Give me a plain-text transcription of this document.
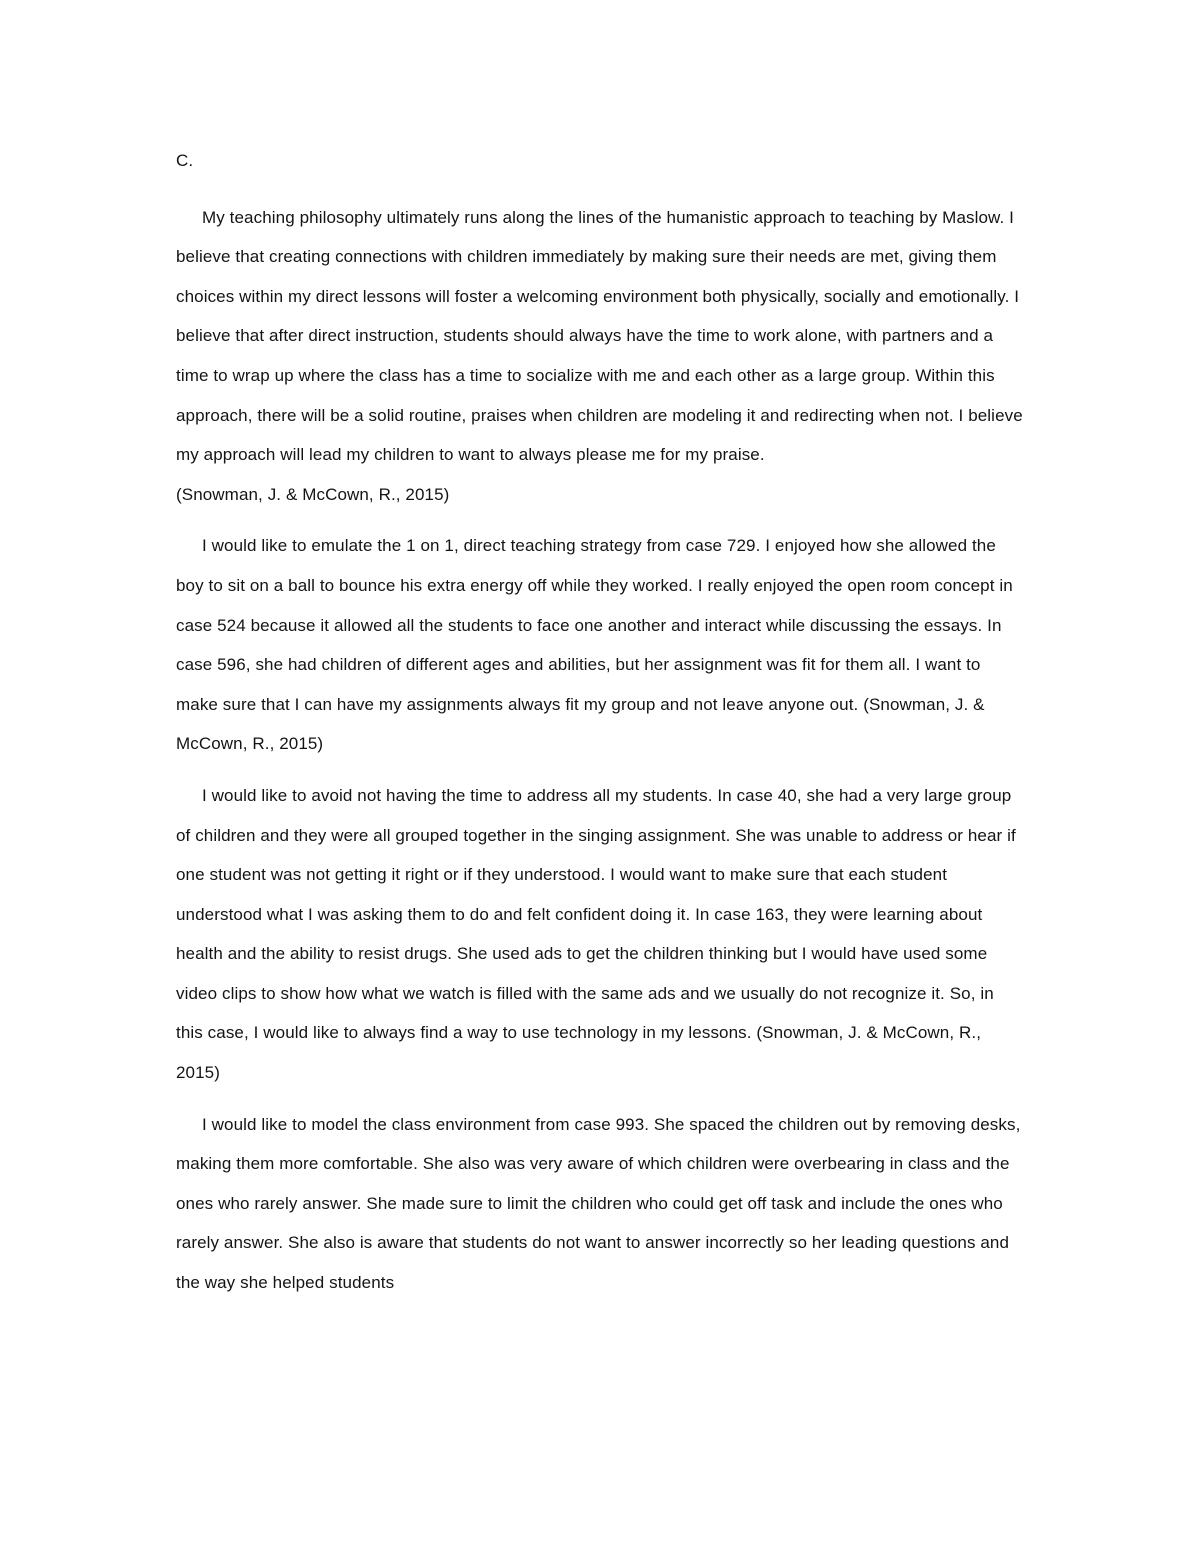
C.

My teaching philosophy ultimately runs along the lines of the humanistic approach to teaching by Maslow. I believe that creating connections with children immediately by making sure their needs are met, giving them choices within my direct lessons will foster a welcoming environment both physically, socially and emotionally. I believe that after direct instruction, students should always have the time to work alone, with partners and a time to wrap up where the class has a time to socialize with me and each other as a large group. Within this approach, there will be a solid routine, praises when children are modeling it and redirecting when not. I believe my approach will lead my children to want to always please me for my praise.
(Snowman, J. & McCown, R., 2015)

I would like to emulate the 1 on 1, direct teaching strategy from case 729. I enjoyed how she allowed the boy to sit on a ball to bounce his extra energy off while they worked. I really enjoyed the open room concept in case 524 because it allowed all the students to face one another and interact while discussing the essays. In case 596, she had children of different ages and abilities, but her assignment was fit for them all. I want to make sure that I can have my assignments always fit my group and not leave anyone out. (Snowman, J. & McCown, R., 2015)

I would like to avoid not having the time to address all my students. In case 40, she had a very large group of children and they were all grouped together in the singing assignment. She was unable to address or hear if one student was not getting it right or if they understood. I would want to make sure that each student understood what I was asking them to do and felt confident doing it. In case 163, they were learning about health and the ability to resist drugs. She used ads to get the children thinking but I would have used some video clips to show how what we watch is filled with the same ads and we usually do not recognize it. So, in this case, I would like to always find a way to use technology in my lessons. (Snowman, J. & McCown, R., 2015)

I would like to model the class environment from case 993. She spaced the children out by removing desks, making them more comfortable. She also was very aware of which children were overbearing in class and the ones who rarely answer. She made sure to limit the children who could get off task and include the ones who rarely answer. She also is aware that students do not want to answer incorrectly so her leading questions and the way she helped students
